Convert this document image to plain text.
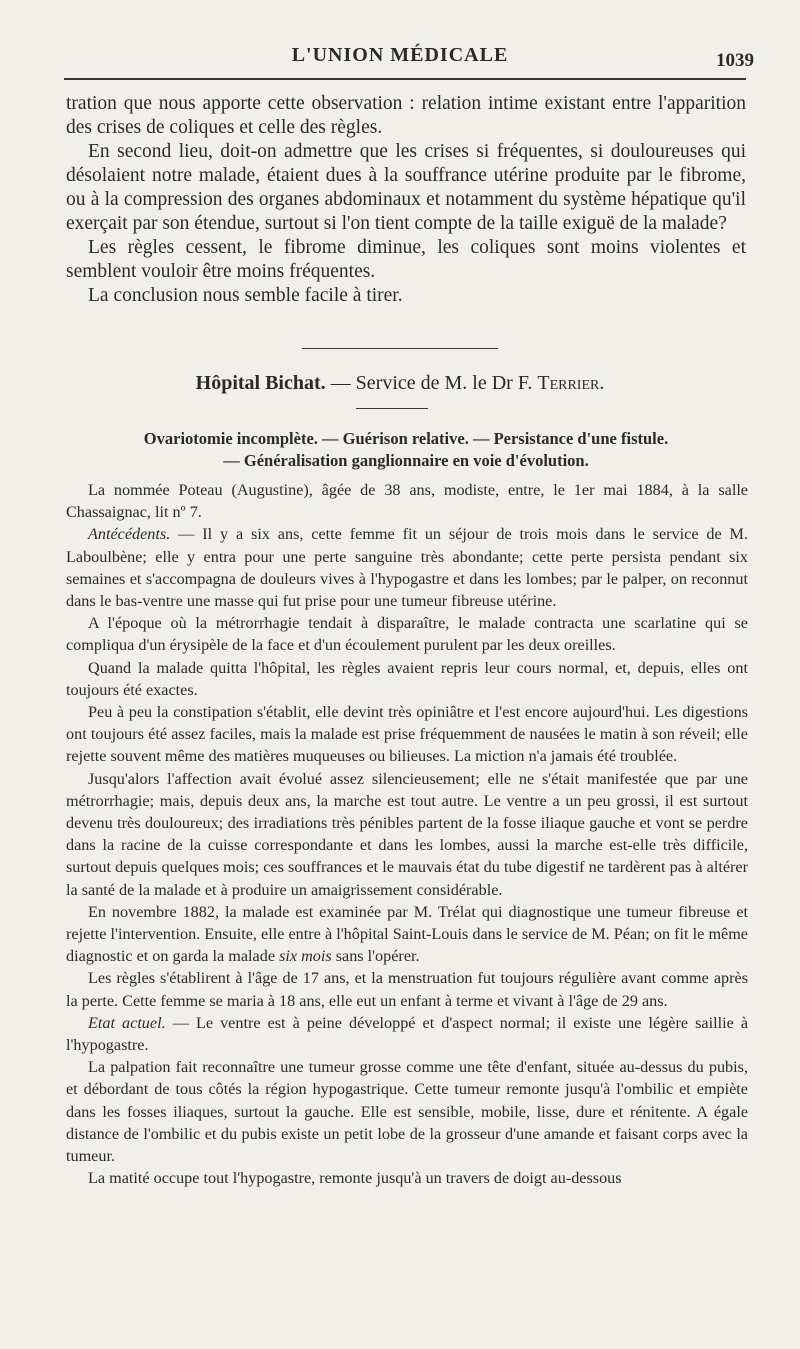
L'UNION MÉDICALE	1039

tration que nous apporte cette observation : relation intime existant entre l'apparition des crises de coliques et celle des règles.

En second lieu, doit-on admettre que les crises si fréquentes, si douloureuses qui désolaient notre malade, étaient dues à la souffrance utérine produite par le fibrome, ou à la compression des organes abdominaux et notamment du système hépatique qu'il exerçait par son étendue, surtout si l'on tient compte de la taille exiguë de la malade?

Les règles cessent, le fibrome diminue, les coliques sont moins violentes et semblent vouloir être moins fréquentes.

La conclusion nous semble facile à tirer.

Hôpital Bichat. — Service de M. le Dr F. Terrier.
Ovariotomie incomplète. — Guérison relative. — Persistance d'une fistule.
— Généralisation ganglionnaire en voie d'évolution.

La nommée Poteau (Augustine), âgée de 38 ans, modiste, entre, le 1er mai 1884, à la salle Chassaignac, lit nº 7.

Antécédents. — Il y a six ans, cette femme fit un séjour de trois mois dans le service de M. Laboulbène; elle y entra pour une perte sanguine très abondante; cette perte persista pendant six semaines et s'accompagna de douleurs vives à l'hypogastre et dans les lombes; par le palper, on reconnut dans le bas-ventre une masse qui fut prise pour une tumeur fibreuse utérine.

A l'époque où la métrorrhagie tendait à disparaître, le malade contracta une scarlatine qui se compliqua d'un érysipèle de la face et d'un écoulement purulent par les deux oreilles.

Quand la malade quitta l'hôpital, les règles avaient repris leur cours normal, et, depuis, elles ont toujours été exactes.

Peu à peu la constipation s'établit, elle devint très opiniâtre et l'est encore aujourd'hui. Les digestions ont toujours été assez faciles, mais la malade est prise fréquemment de nausées le matin à son réveil; elle rejette souvent même des matières muqueuses ou bilieuses. La miction n'a jamais été troublée.

Jusqu'alors l'affection avait évolué assez silencieusement; elle ne s'était manifestée que par une métrorrhagie; mais, depuis deux ans, la marche est tout autre. Le ventre a un peu grossi, il est surtout devenu très douloureux; des irradiations très pénibles partent de la fosse iliaque gauche et vont se perdre dans la racine de la cuisse correspondante et dans les lombes, aussi la marche est-elle très difficile, surtout depuis quelques mois; ces souffrances et le mauvais état du tube digestif ne tardèrent pas à altérer la santé de la malade et à produire un amaigrissement considérable.

En novembre 1882, la malade est examinée par M. Trélat qui diagnostique une tumeur fibreuse et rejette l'intervention. Ensuite, elle entre à l'hôpital Saint-Louis dans le service de M. Péan; on fit le même diagnostic et on garda la malade six mois sans l'opérer.

Les règles s'établirent à l'âge de 17 ans, et la menstruation fut toujours régulière avant comme après la perte. Cette femme se maria à 18 ans, elle eut un enfant à terme et vivant à l'âge de 29 ans.

Etat actuel. — Le ventre est à peine développé et d'aspect normal; il existe une légère saillie à l'hypogastre.

La palpation fait reconnaître une tumeur grosse comme une tête d'enfant, située au-dessus du pubis, et débordant de tous côtés la région hypogastrique. Cette tumeur remonte jusqu'à l'ombilic et empiète dans les fosses iliaques, surtout la gauche. Elle est sensible, mobile, lisse, dure et rénitente. A égale distance de l'ombilic et du pubis existe un petit lobe de la grosseur d'une amande et faisant corps avec la tumeur.

La matité occupe tout l'hypogastre, remonte jusqu'à un travers de doigt au-dessous
